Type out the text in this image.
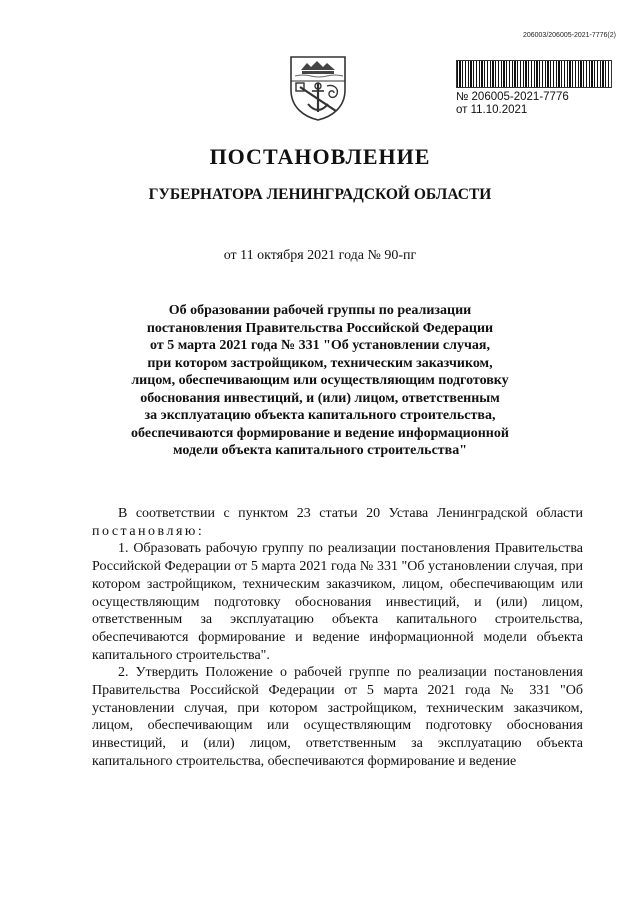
206003/206005-2021-7776(2)
№ 206005-2021-7776
от 11.10.2021
ПОСТАНОВЛЕНИЕ
ГУБЕРНАТОРА ЛЕНИНГРАДСКОЙ ОБЛАСТИ
от 11 октября 2021 года № 90-пг
Об образовании рабочей группы по реализации
постановления Правительства Российской Федерации
от 5 марта 2021 года № 331 "Об установлении случая,
при котором застройщиком, техническим заказчиком,
лицом, обеспечивающим или осуществляющим подготовку
обоснования инвестиций, и (или) лицом, ответственным
за эксплуатацию объекта капитального строительства,
обеспечиваются формирование и ведение информационной
модели объекта капитального строительства"

В соответствии с пунктом 23 статьи 20 Устава Ленинградской области постановляю:

1. Образовать рабочую группу по реализации постановления Правительства Российской Федерации от 5 марта 2021 года № 331 "Об установлении случая, при котором застройщиком, техническим заказчиком, лицом, обеспечивающим или осуществляющим подготовку обоснования инвестиций, и (или) лицом, ответственным за эксплуатацию объекта капитального строительства, обеспечиваются формирование и ведение информационной модели объекта капитального строительства".

2. Утвердить Положение о рабочей группе по реализации постановления Правительства Российской Федерации от 5 марта 2021 года № 331 "Об установлении случая, при котором застройщиком, техническим заказчиком, лицом, обеспечивающим или осуществляющим подготовку обоснования инвестиций, и (или) лицом, ответственным за эксплуатацию объекта капитального строительства, обеспечиваются формирование и ведение
